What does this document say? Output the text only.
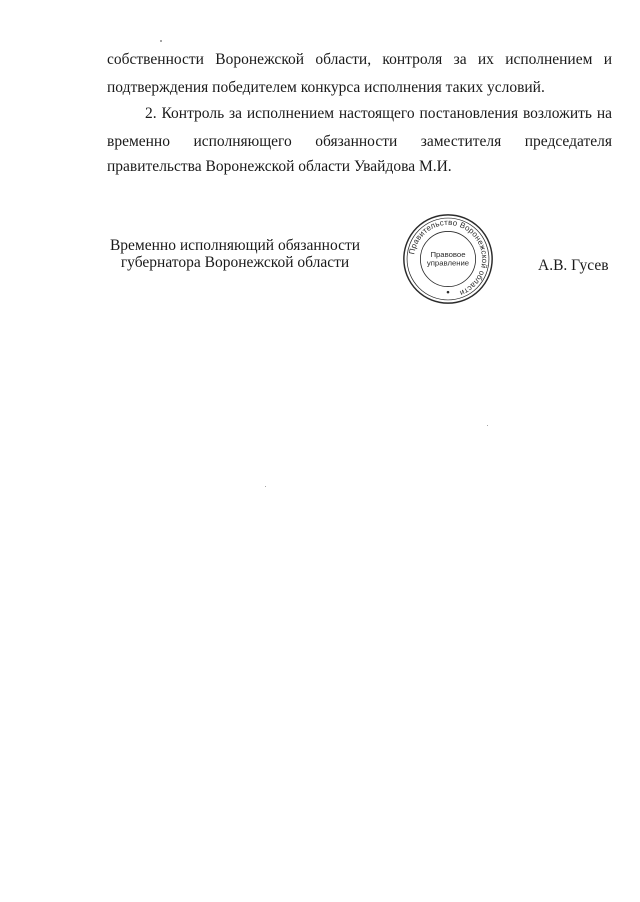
собственности Воронежской области, контроля за их исполнением и
подтверждения победителем конкурса исполнения таких условий.
2. Контроль за исполнением настоящего постановления возложить на
временно исполняющего обязанности заместителя председателя
правительства Воронежской области Увайдова М.И.
Временно исполняющий обязанности
губернатора Воронежской области
Правительство Воронежской области
Правовое
управление	А.В. Гусев
